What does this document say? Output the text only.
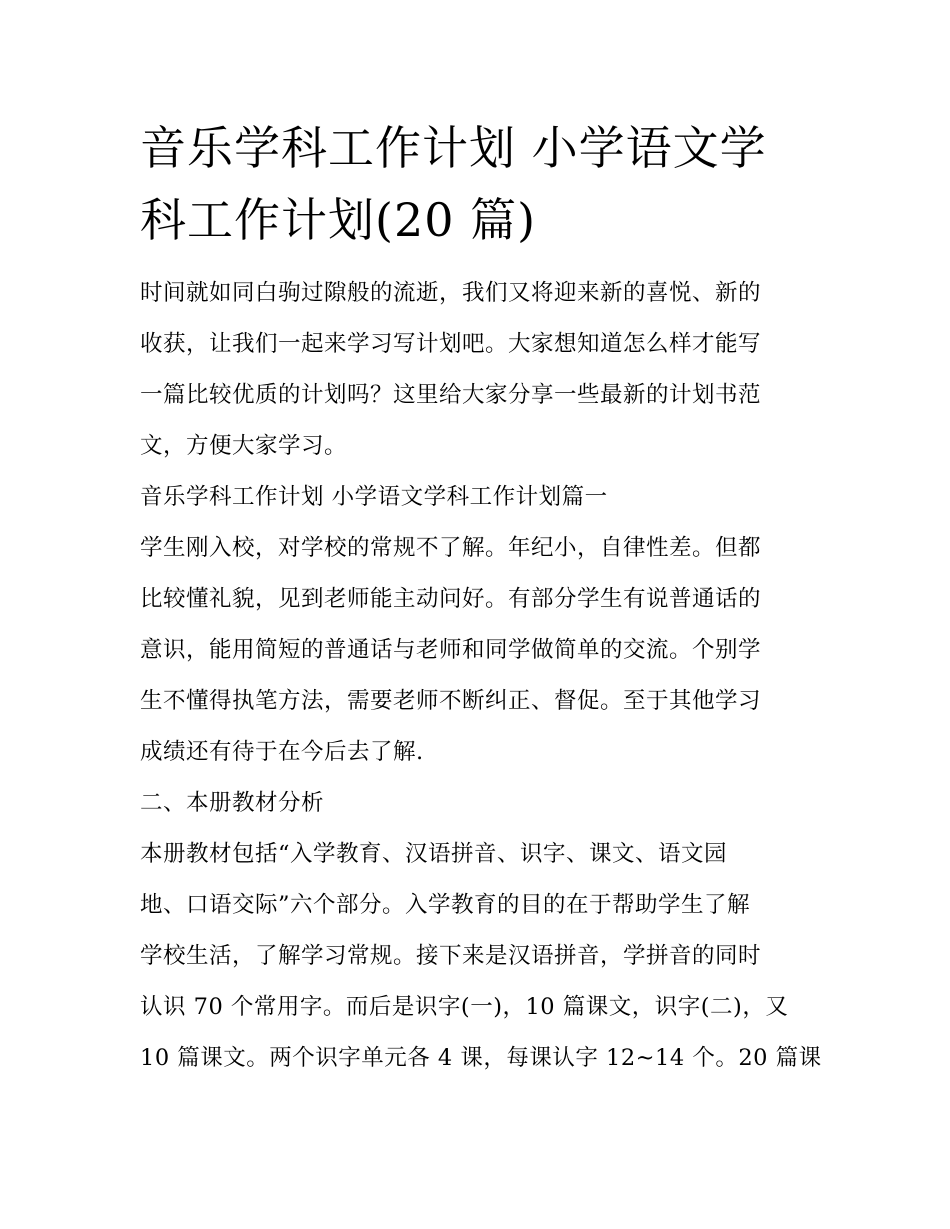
音乐学科工作计划 小学语文学
科工作计划(20 篇)

时间就如同白驹过隙般的流逝，我们又将迎来新的喜悦、新的
收获，让我们一起来学习写计划吧。大家想知道怎么样才能写
一篇比较优质的计划吗？这里给大家分享一些最新的计划书范
文，方便大家学习。

音乐学科工作计划 小学语文学科工作计划篇一

学生刚入校，对学校的常规不了解。年纪小，自律性差。但都
比较懂礼貌，见到老师能主动问好。有部分学生有说普通话的
意识，能用简短的普通话与老师和同学做简单的交流。个别学
生不懂得执笔方法，需要老师不断纠正、督促。至于其他学习
成绩还有待于在今后去了解.

二、本册教材分析

本册教材包括“入学教育、汉语拼音、识字、课文、语文园
地、口语交际”六个部分。入学教育的目的在于帮助学生了解
学校生活，了解学习常规。接下来是汉语拼音，学拼音的同时
认识 70 个常用字。而后是识字(一)，10 篇课文，识字(二)，又
10 篇课文。两个识字单元各 4 课，每课认字 12~14 个。20 篇课
